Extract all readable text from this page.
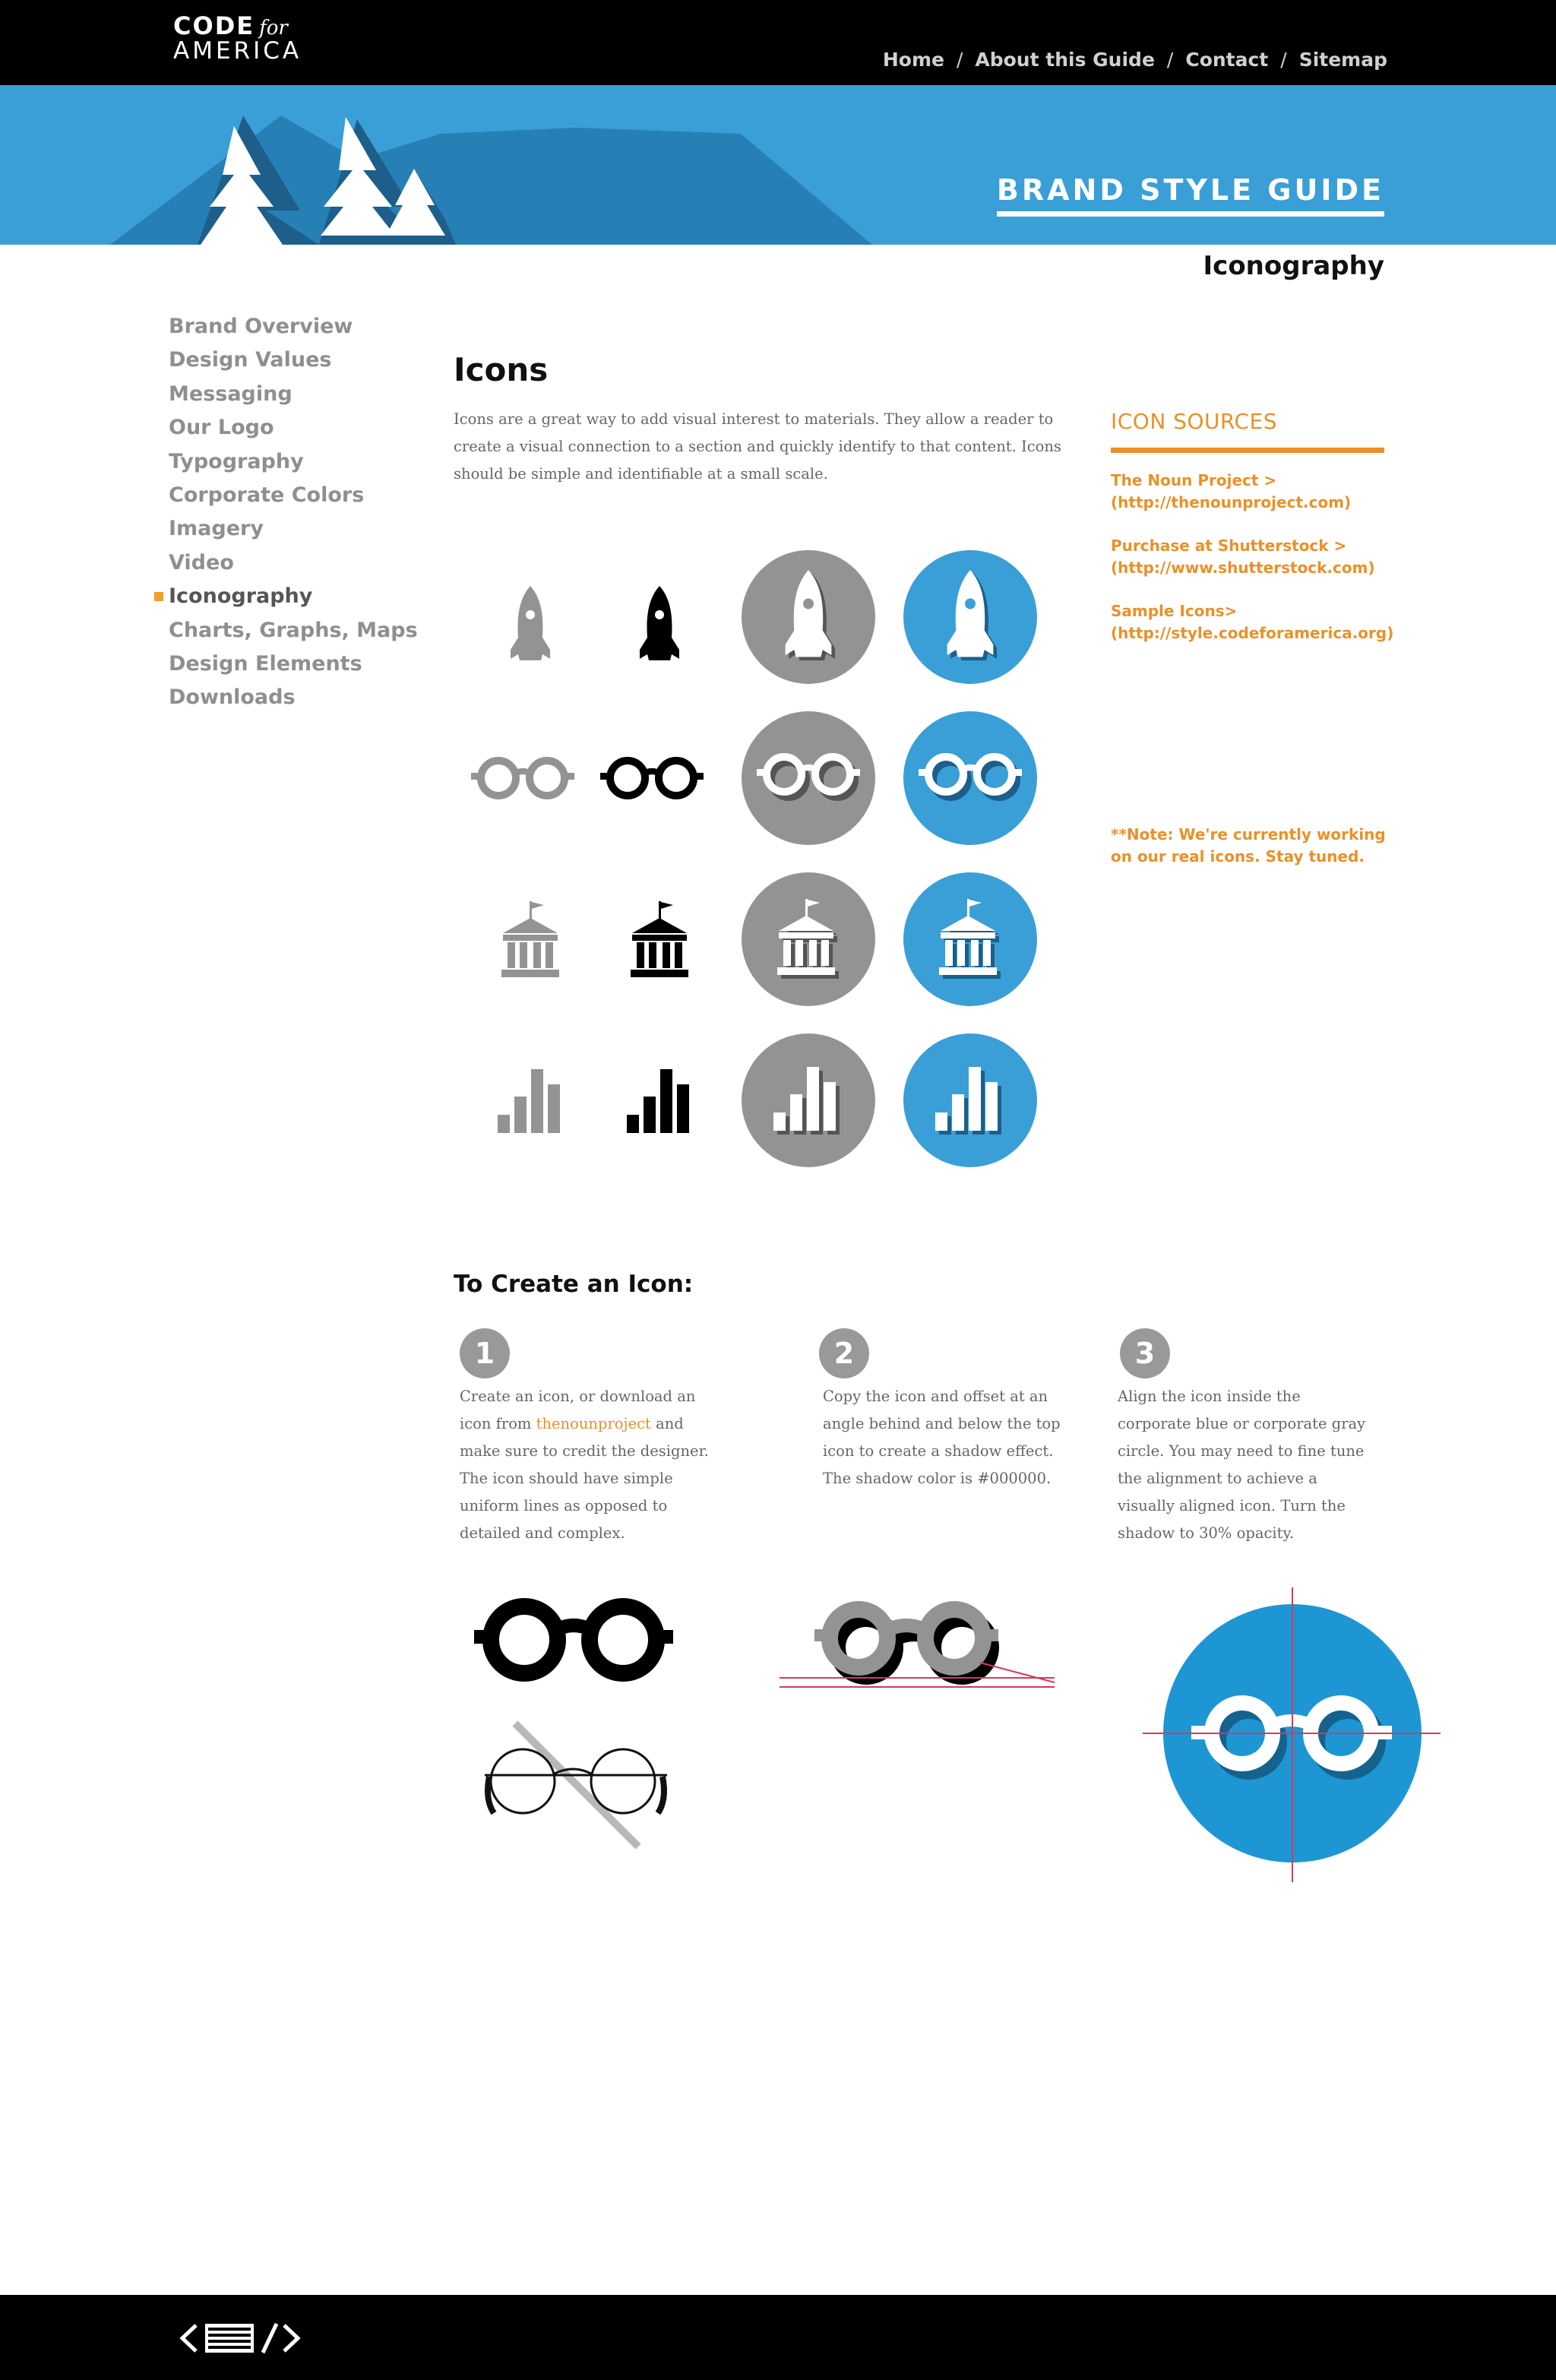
CODE for
AMERICA	Home / About this Guide / Contact / Sitemap
BRAND STYLE GUIDE
Iconography
Brand Overview
Design Values
Messaging
Our Logo
Typography
Corporate Colors
Imagery
Video
Iconography
Charts, Graphs, Maps
Design Elements
Downloads
Icons

Icons are a great way to add visual interest to materials. They allow a reader to create a visual connection to a section and quickly identify to that content. Icons should be simple and identifiable at a small scale.

ICON SOURCES
The Noun Project >
(http://thenounproject.com)
Purchase at Shutterstock >
(http://www.shutterstock.com)
Sample Icons>
(http://style.codeforamerica.org)

**Note: We're currently working on our real icons. Stay tuned.

To Create an Icon:
1

Create an icon, or download an icon from thenounproject and make sure to credit the designer. The icon should have simple uniform lines as opposed to detailed and complex.

2

Copy the icon and offset at an angle behind and below the top icon to create a shadow effect. The shadow color is #000000.

3

Align the icon inside the corporate blue or corporate gray circle. You may need to fine tune the alignment to achieve a visually aligned icon. Turn the shadow to 30% opacity.
